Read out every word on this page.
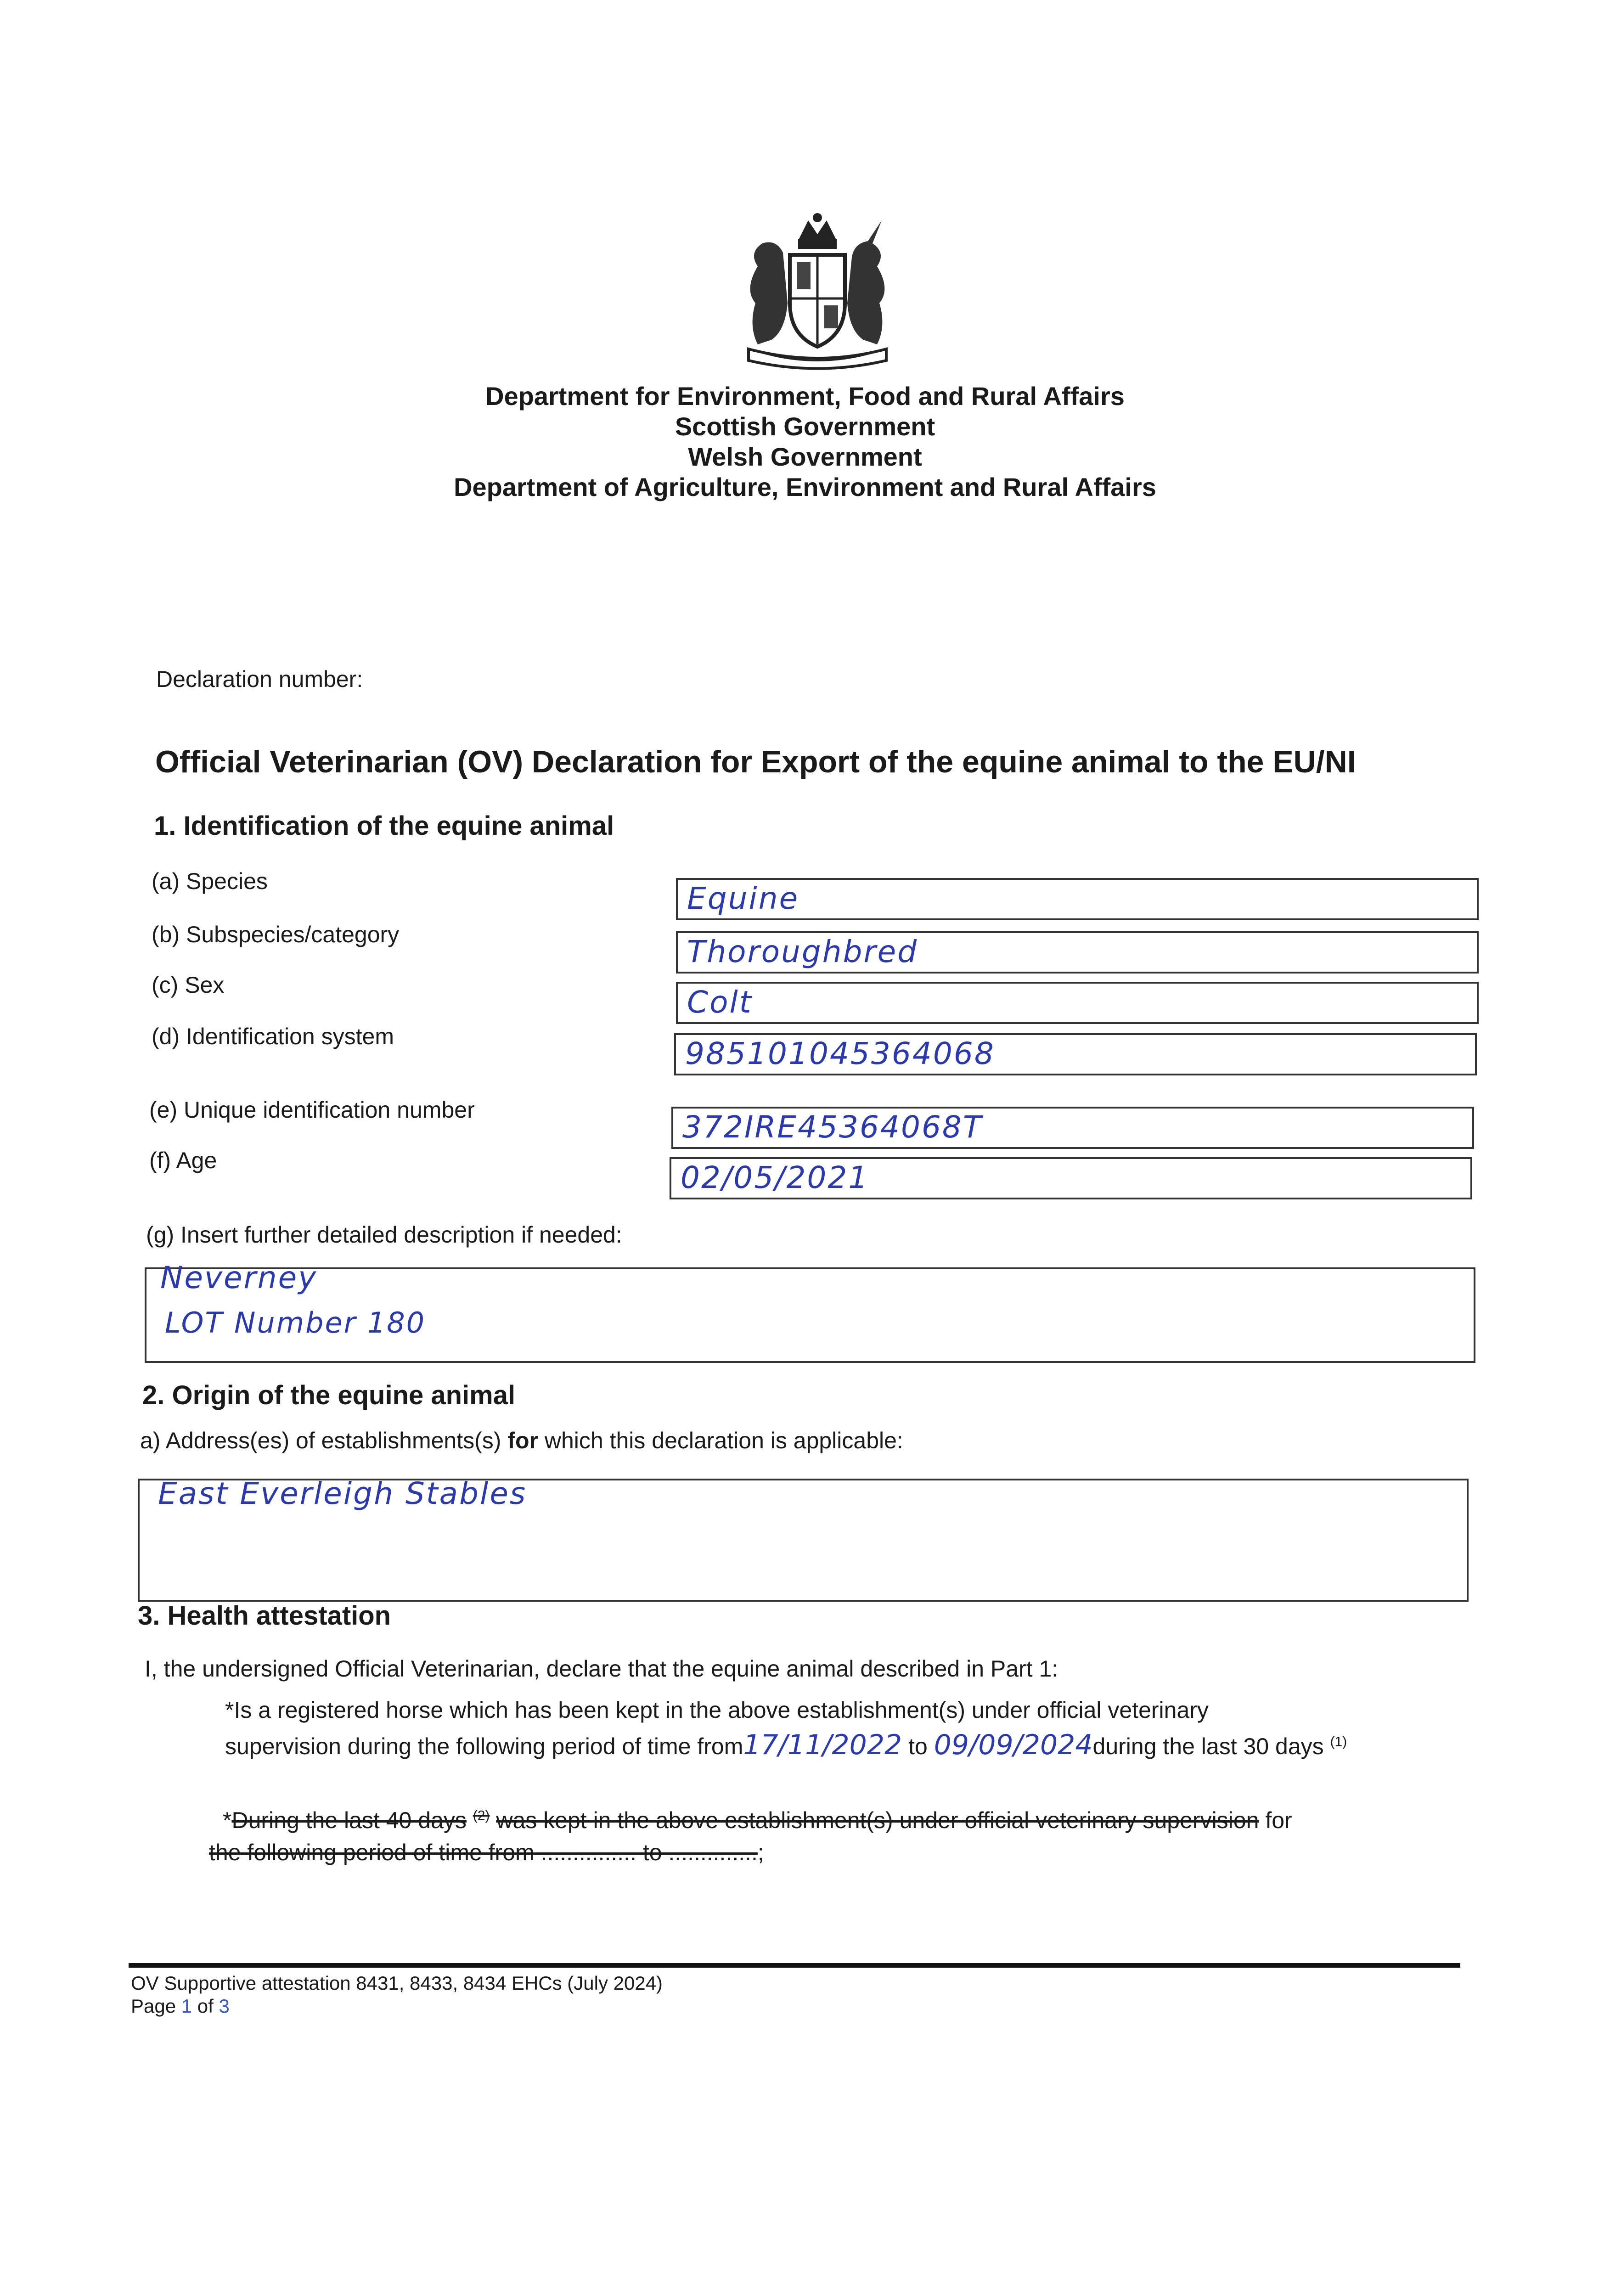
Department for Environment, Food and Rural Affairs
Scottish Government
Welsh Government
Department of Agriculture, Environment and Rural Affairs
Declaration number:
Official Veterinarian (OV) Declaration for Export of the equine animal to the EU/NI
1. Identification of the equine animal
(a) Species	Equine
(b) Subspecies/category	Thoroughbred
(c) Sex	Colt
(d) Identification system	985101045364068
(e) Unique identification number	372IRE45364068T
(f) Age	02/05/2021
(g) Insert further detailed description if needed:
Neverney
LOT Number 180
2. Origin of the equine animal
a) Address(es) of establishments(s) for which this declaration is applicable:
East Everleigh Stables
3. Health attestation
I, the undersigned Official Veterinarian, declare that the equine animal described in Part 1:
*Is a registered horse which has been kept in the above establishment(s) under official veterinary
supervision during the following period of time from17/11/2022 to 09/09/2024during the last 30 days $^{(1)}$
*During the last 40 days $^{(2)}$ was kept in the above establishment(s) under official veterinary supervision for
the following period of time from ............... to ..............;
OV Supportive attestation 8431, 8433, 8434 EHCs (July 2024)
Page 1 of 3
